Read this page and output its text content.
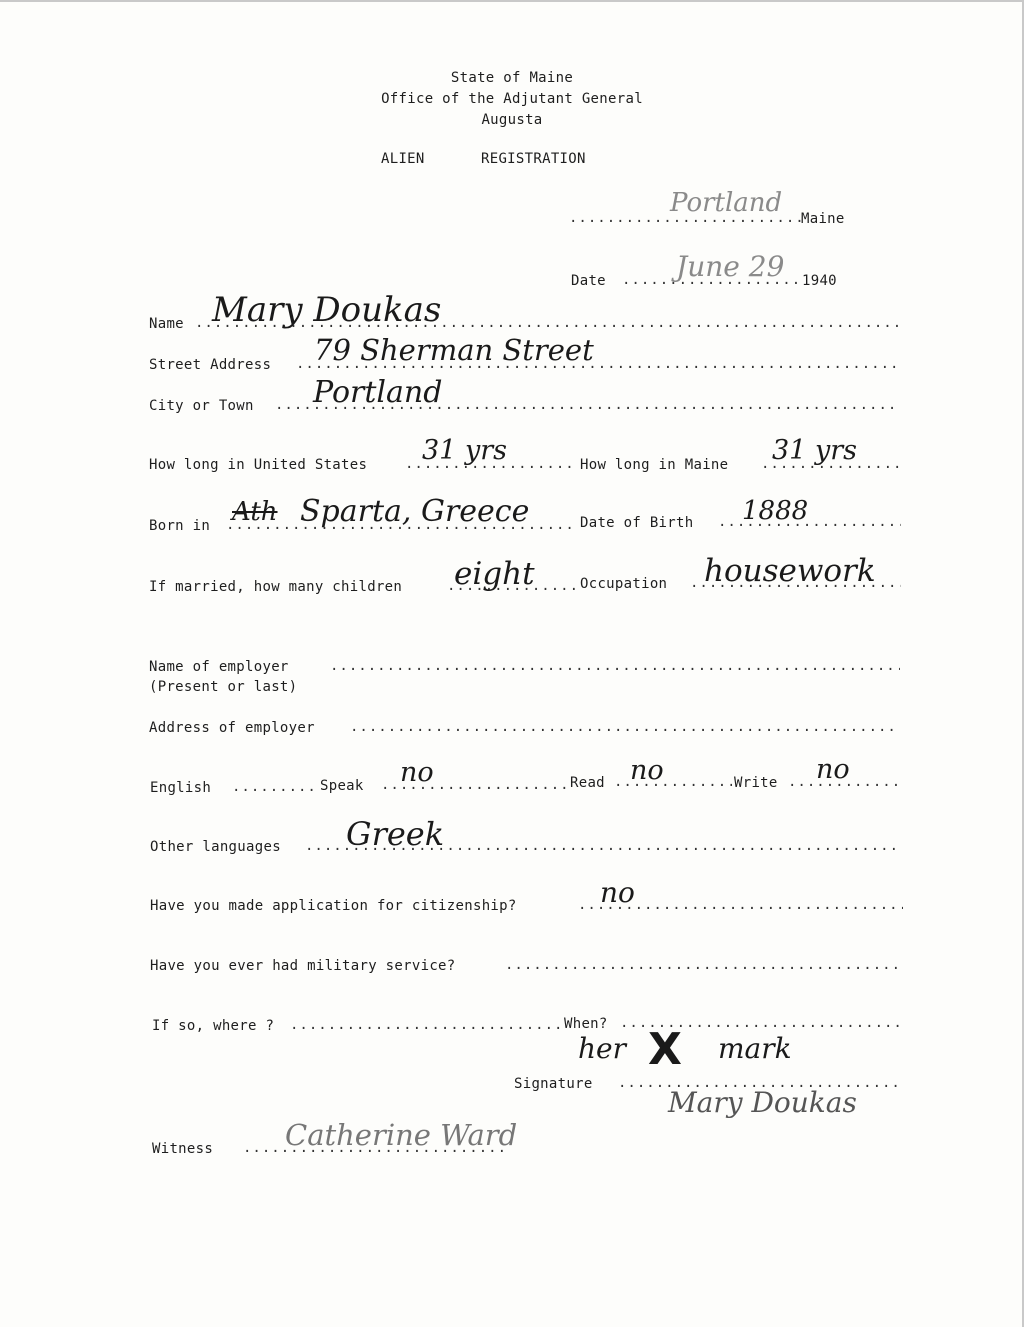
State of Maine
Office of the Adjutant General
Augusta
ALIEN	REGISTRATION
.....
Portland
Maine
Date .....	June 29 1940
Name ..... Mary Doukas
Street Address ..... 79 Sherman Street
City or Town ..... Portland
How long in United States ..... 31 yrs	How long in Maine ..... 31 yrs
Born in ..... Ath Sparta, Greece	Date of Birth ..... 1888
If married, how many children ..... eight	Occupation ..... housework
Name of employer
.....
(Present or last)
Address of employer
.....
English .....	Speak ..... no	Read ..... no	Write ..... no
Other languages ..... Greek
Have you made application for citizenship? .....	no
Have you ever had military service?
.....
If so, where ? .....	When?
.....
her X mark
Signature
.....
Mary Doukas
Witness ..... Catherine Ward
